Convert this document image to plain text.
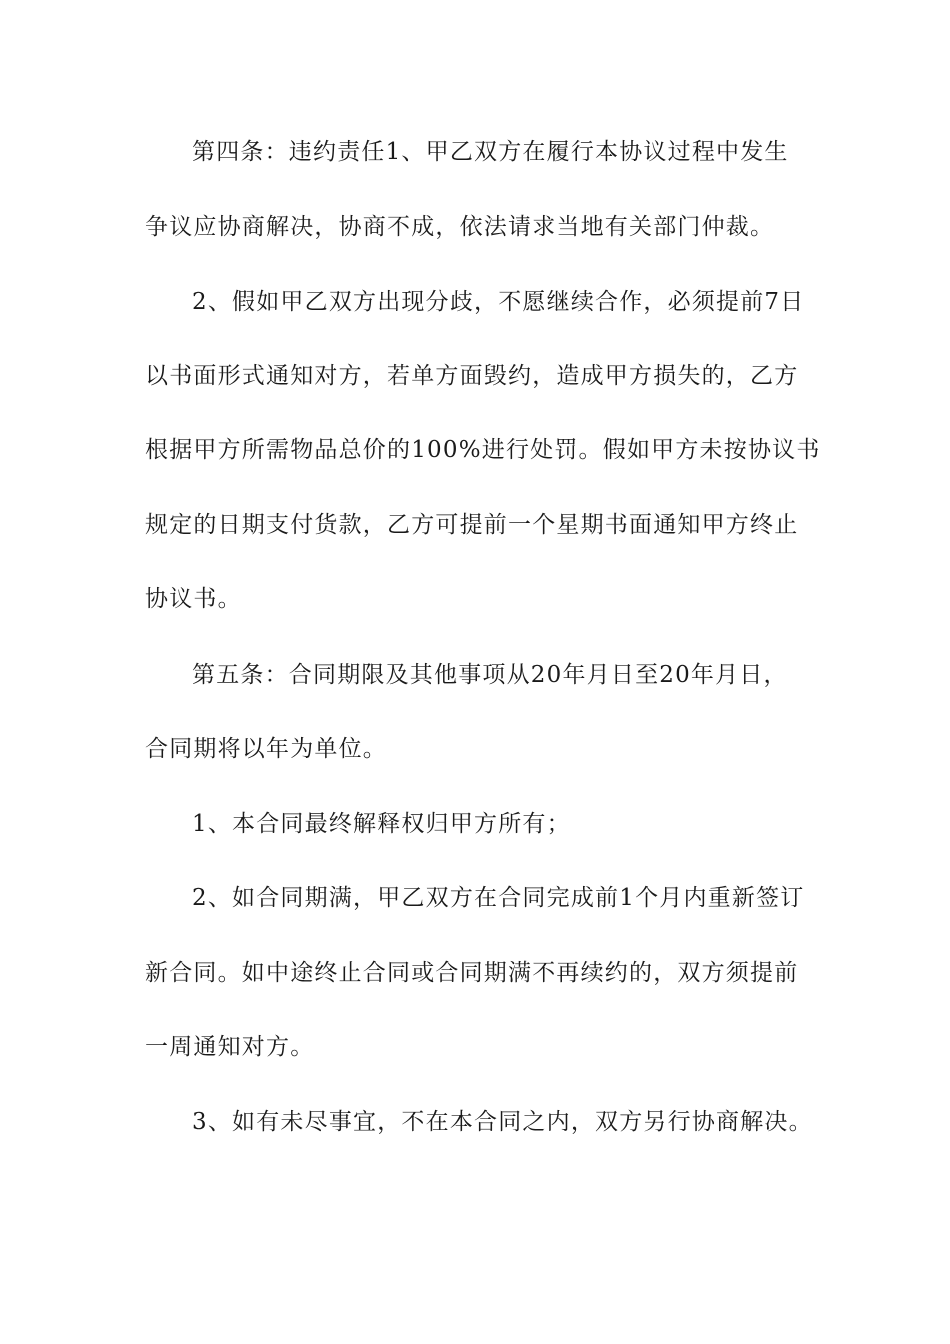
第四条：违约责任1、甲乙双方在履行本协议过程中发生
争议应协商解决，协商不成，依法请求当地有关部门仲裁。
2、假如甲乙双方出现分歧，不愿继续合作，必须提前7日
以书面形式通知对方，若单方面毁约，造成甲方损失的，乙方
根据甲方所需物品总价的100%进行处罚。假如甲方未按协议书
规定的日期支付货款，乙方可提前一个星期书面通知甲方终止
协议书。
第五条：合同期限及其他事项从20年月日至20年月日，
合同期将以年为单位。
1、本合同最终解释权归甲方所有；
2、如合同期满，甲乙双方在合同完成前1个月内重新签订
新合同。如中途终止合同或合同期满不再续约的，双方须提前
一周通知对方。
3、如有未尽事宜，不在本合同之内，双方另行协商解决。
